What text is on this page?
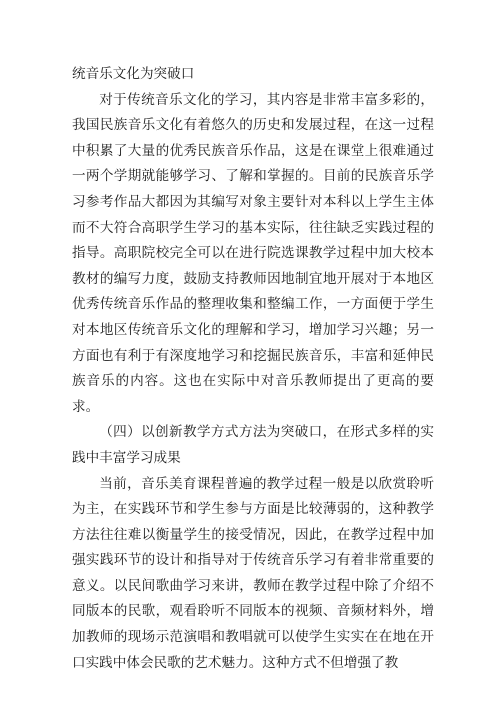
统音乐文化为突破口

对于传统音乐文化的学习，其内容是非常丰富多彩的，我国民族音乐文化有着悠久的历史和发展过程，在这一过程中积累了大量的优秀民族音乐作品，这是在课堂上很难通过一两个学期就能够学习、了解和掌握的。目前的民族音乐学习参考作品大都因为其编写对象主要针对本科以上学生主体而不大符合高职学生学习的基本实际，往往缺乏实践过程的指导。高职院校完全可以在进行院选课教学过程中加大校本教材的编写力度，鼓励支持教师因地制宜地开展对于本地区优秀传统音乐作品的整理收集和整编工作，一方面便于学生对本地区传统音乐文化的理解和学习，增加学习兴趣；另一方面也有利于有深度地学习和挖掘民族音乐，丰富和延伸民族音乐的内容。这也在实际中对音乐教师提出了更高的要求。

（四）以创新教学方式方法为突破口，在形式多样的实践中丰富学习成果

当前，音乐美育课程普遍的教学过程一般是以欣赏聆听为主，在实践环节和学生参与方面是比较薄弱的，这种教学方法往往难以衡量学生的接受情况，因此，在教学过程中加强实践环节的设计和指导对于传统音乐学习有着非常重要的意义。以民间歌曲学习来讲，教师在教学过程中除了介绍不同版本的民歌，观看聆听不同版本的视频、音频材料外，增加教师的现场示范演唱和教唱就可以使学生实实在在地在开口实践中体会民歌的艺术魅力。这种方式不但增强了教
